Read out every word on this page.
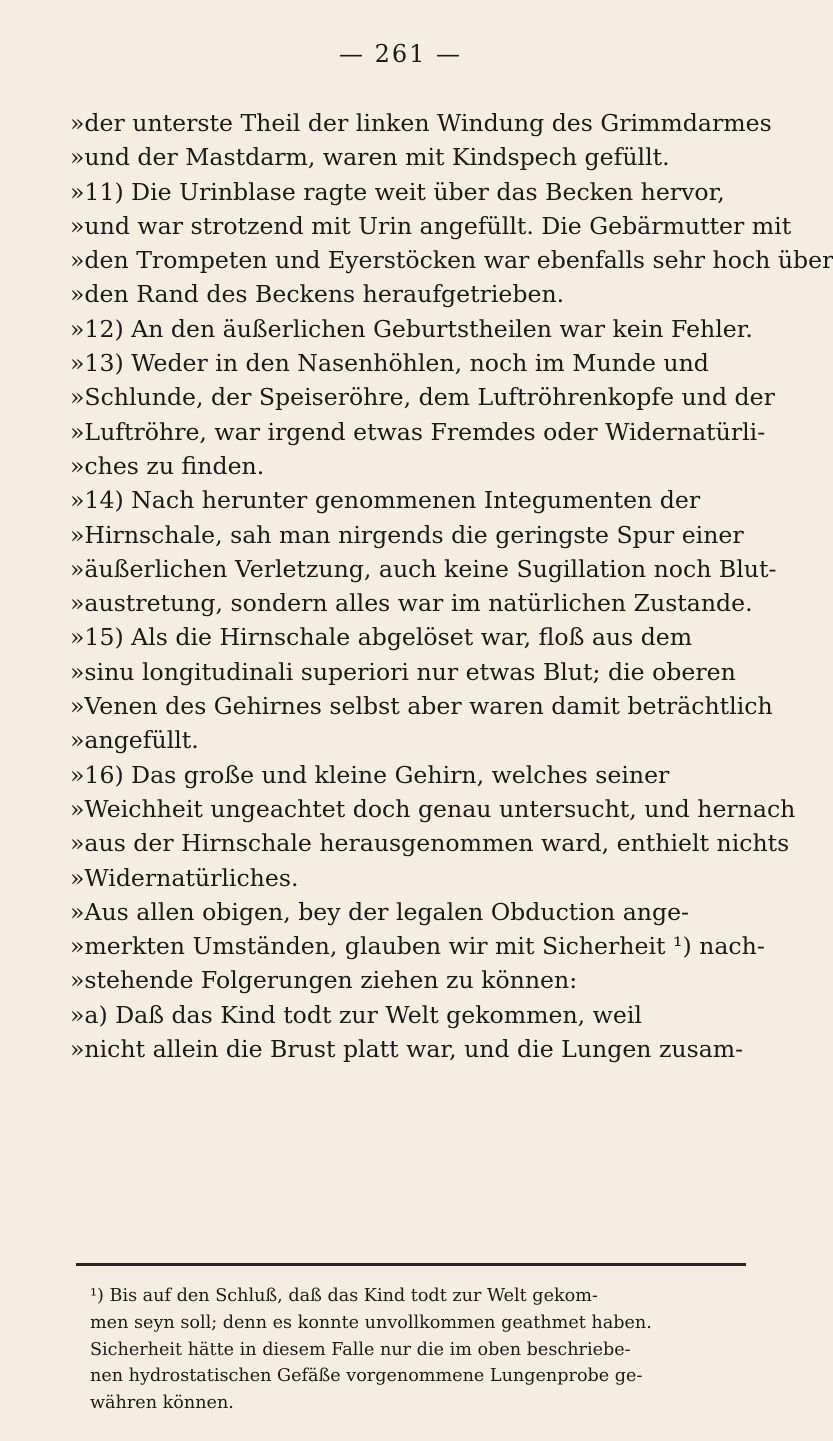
— 261 —
»der unterste Theil der linken Windung des Grimmdarmes
»und der Mastdarm, waren mit Kindspech gefüllt.
»11) Die Urinblase ragte weit über das Becken hervor,
»und war strotzend mit Urin angefüllt. Die Gebärmutter mit
»den Trompeten und Eyerstöcken war ebenfalls sehr hoch über
»den Rand des Beckens heraufgetrieben.
»12) An den äußerlichen Geburtstheilen war kein Fehler.
»13) Weder in den Nasenhöhlen, noch im Munde und
»Schlunde, der Speiseröhre, dem Luftröhrenkopfe und der
»Luftröhre, war irgend etwas Fremdes oder Widernatürli-
»ches zu finden.
»14) Nach herunter genommenen Integumenten der
»Hirnschale, sah man nirgends die geringste Spur einer
»äußerlichen Verletzung, auch keine Sugillation noch Blut-
»austretung, sondern alles war im natürlichen Zustande.
»15) Als die Hirnschale abgelöset war, floß aus dem
»sinu longitudinali superiori nur etwas Blut; die oberen
»Venen des Gehirnes selbst aber waren damit beträchtlich
»angefüllt.
»16) Das große und kleine Gehirn, welches seiner
»Weichheit ungeachtet doch genau untersucht, und hernach
»aus der Hirnschale herausgenommen ward, enthielt nichts
»Widernatürliches.
»Aus allen obigen, bey der legalen Obduction ange-
»merkten Umständen, glauben wir mit Sicherheit ¹) nach-
»stehende Folgerungen ziehen zu können:
»a) Daß das Kind todt zur Welt gekommen, weil
»nicht allein die Brust platt war, und die Lungen zusam-
¹) Bis auf den Schluß, daß das Kind todt zur Welt gekom-
men seyn soll; denn es konnte unvollkommen geathmet haben.
Sicherheit hätte in diesem Falle nur die im oben beschriebe-
nen hydrostatischen Gefäße vorgenommene Lungenprobe ge-
währen können.
